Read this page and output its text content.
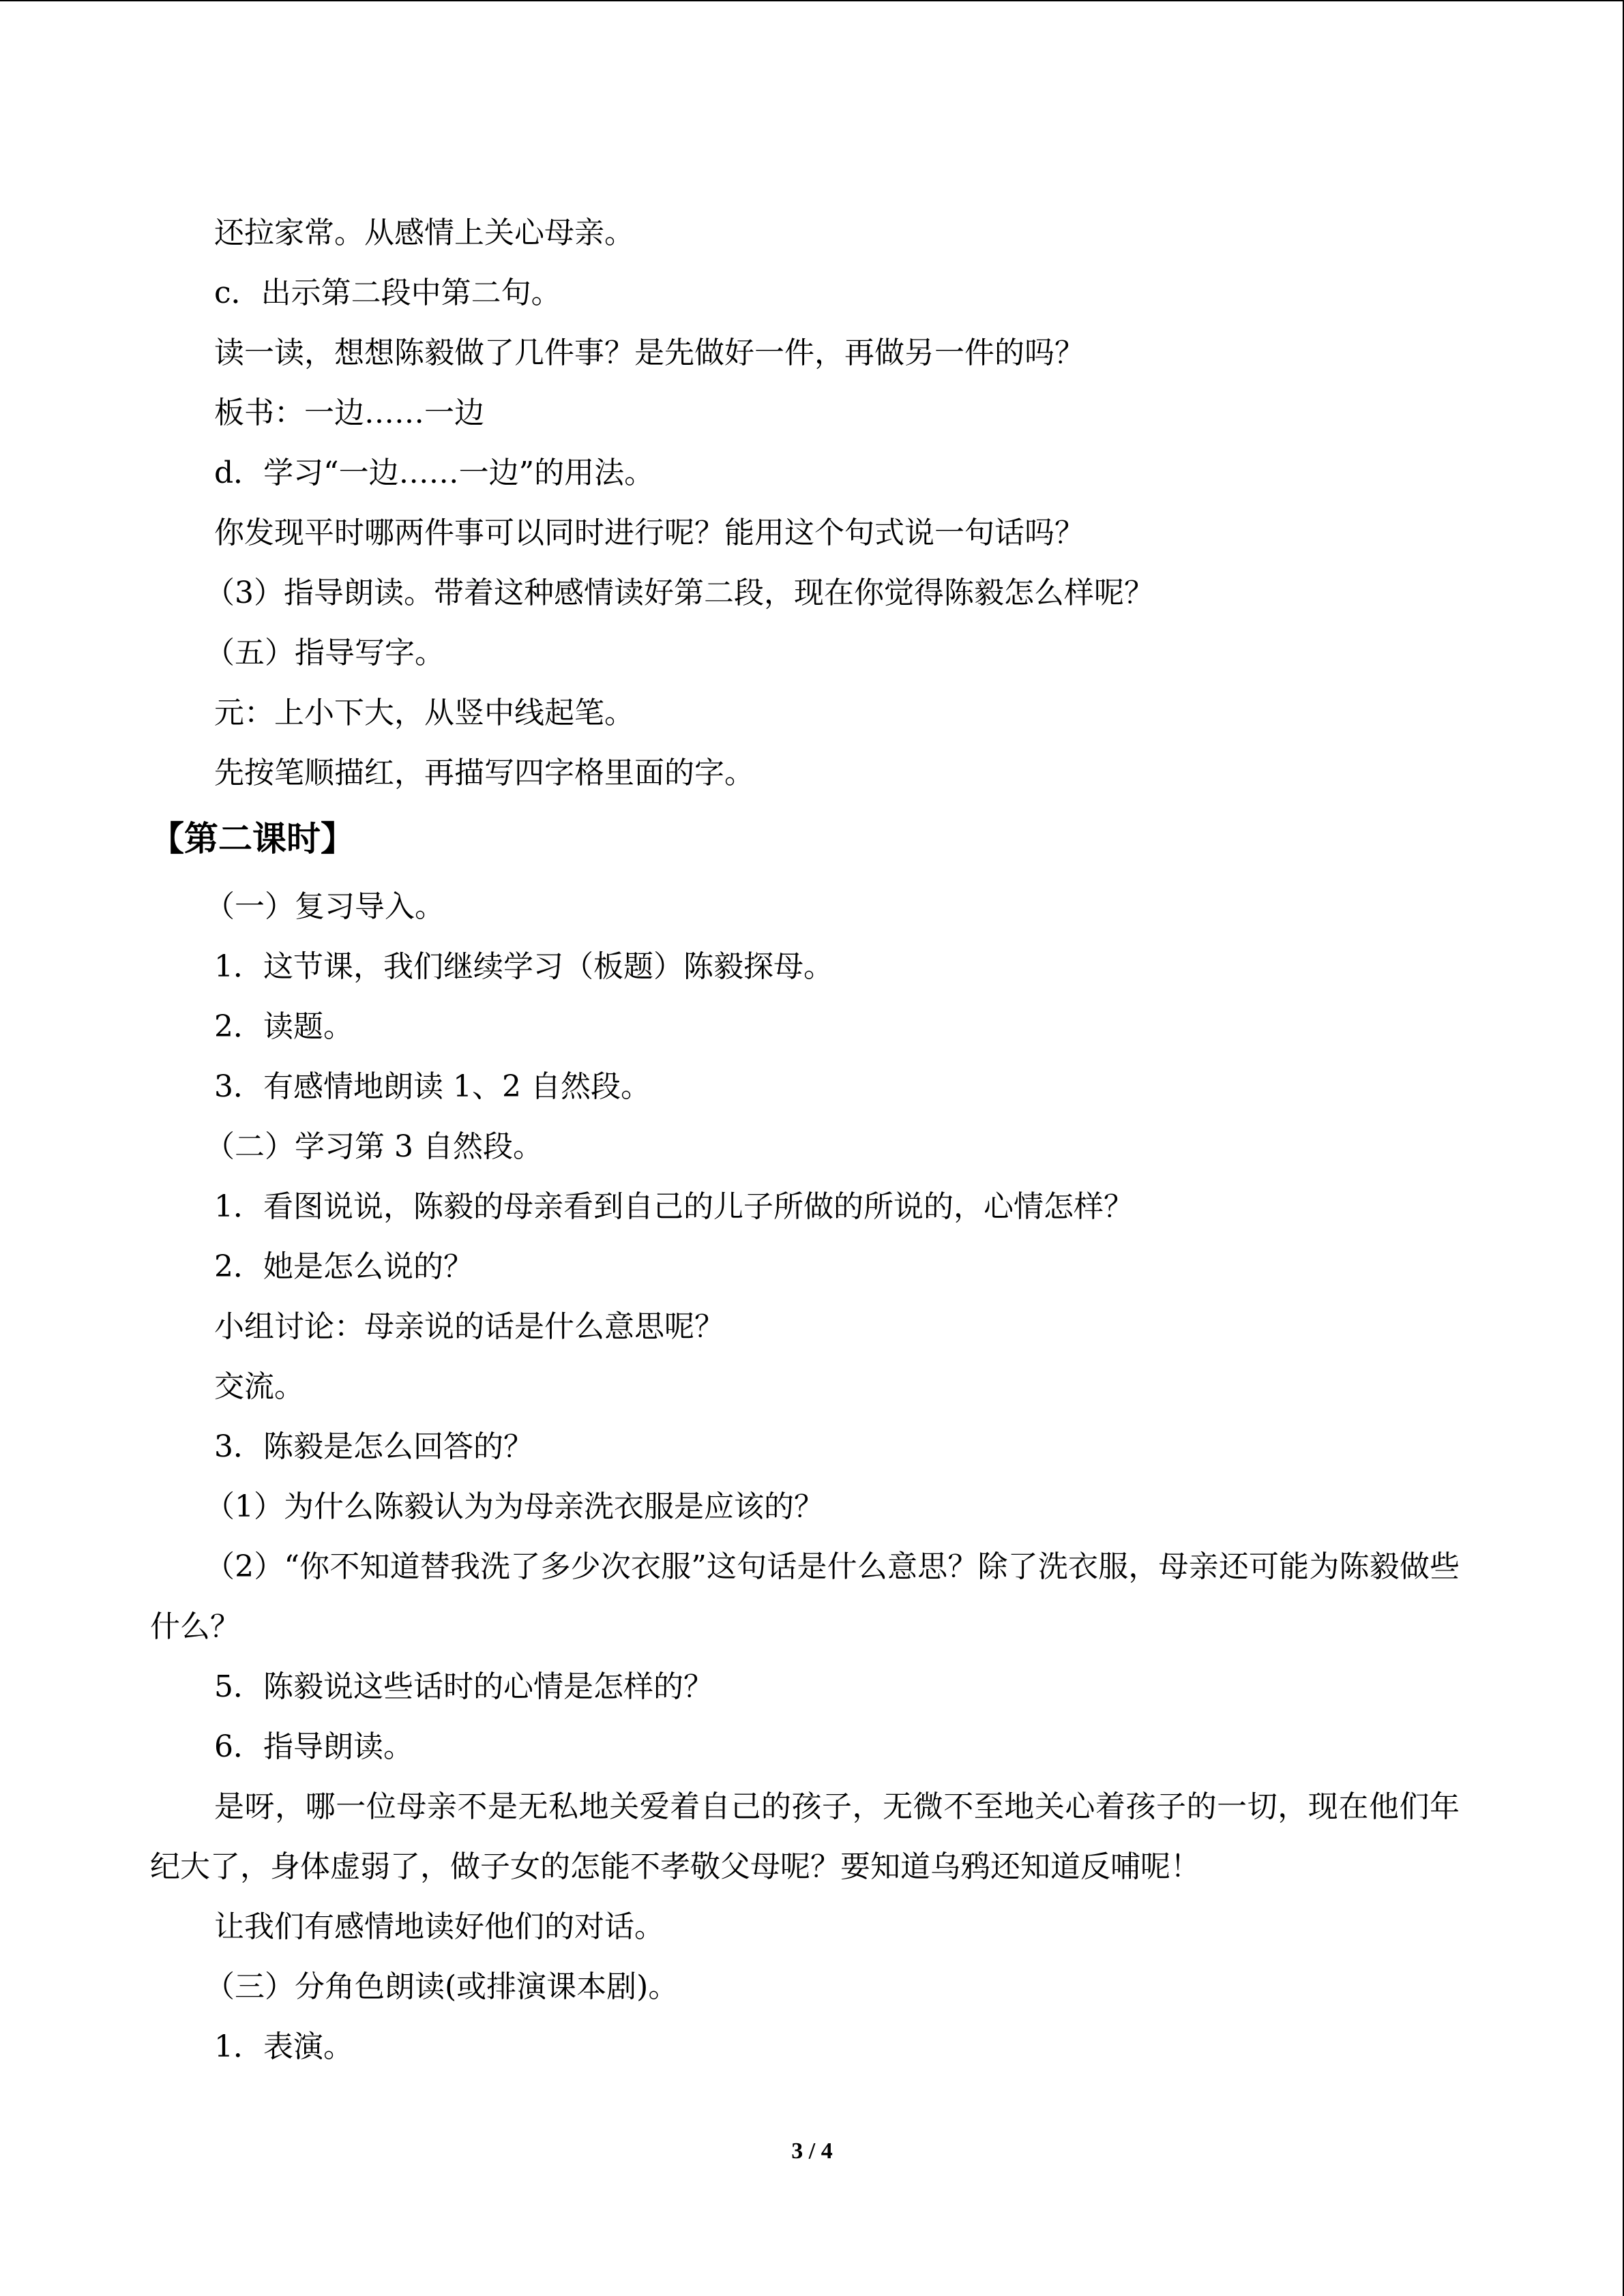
还拉家常。从感情上关心母亲。
c．出示第二段中第二句。
读一读，想想陈毅做了几件事？是先做好一件，再做另一件的吗？
板书：一边……一边
d．学习“一边……一边”的用法。
你发现平时哪两件事可以同时进行呢？能用这个句式说一句话吗？
（3）指导朗读。带着这种感情读好第二段，现在你觉得陈毅怎么样呢？
（五）指导写字。
元：上小下大，从竖中线起笔。
先按笔顺描红，再描写四字格里面的字。
【第二课时】
（一）复习导入。
1．这节课，我们继续学习（板题）陈毅探母。
2．读题。
3．有感情地朗读 1、2 自然段。
（二）学习第 3 自然段。
1．看图说说，陈毅的母亲看到自己的儿子所做的所说的，心情怎样？
2．她是怎么说的？
小组讨论：母亲说的话是什么意思呢？
交流。
3．陈毅是怎么回答的？
（1）为什么陈毅认为为母亲洗衣服是应该的？
（2）“你不知道替我洗了多少次衣服”这句话是什么意思？除了洗衣服，母亲还可能为陈毅做些什么？
5．陈毅说这些话时的心情是怎样的？
6．指导朗读。
是呀，哪一位母亲不是无私地关爱着自己的孩子，无微不至地关心着孩子的一切，现在他们年纪大了，身体虚弱了，做子女的怎能不孝敬父母呢？要知道乌鸦还知道反哺呢！
让我们有感情地读好他们的对话。
（三）分角色朗读(或排演课本剧)。
1．表演。
3 / 4
